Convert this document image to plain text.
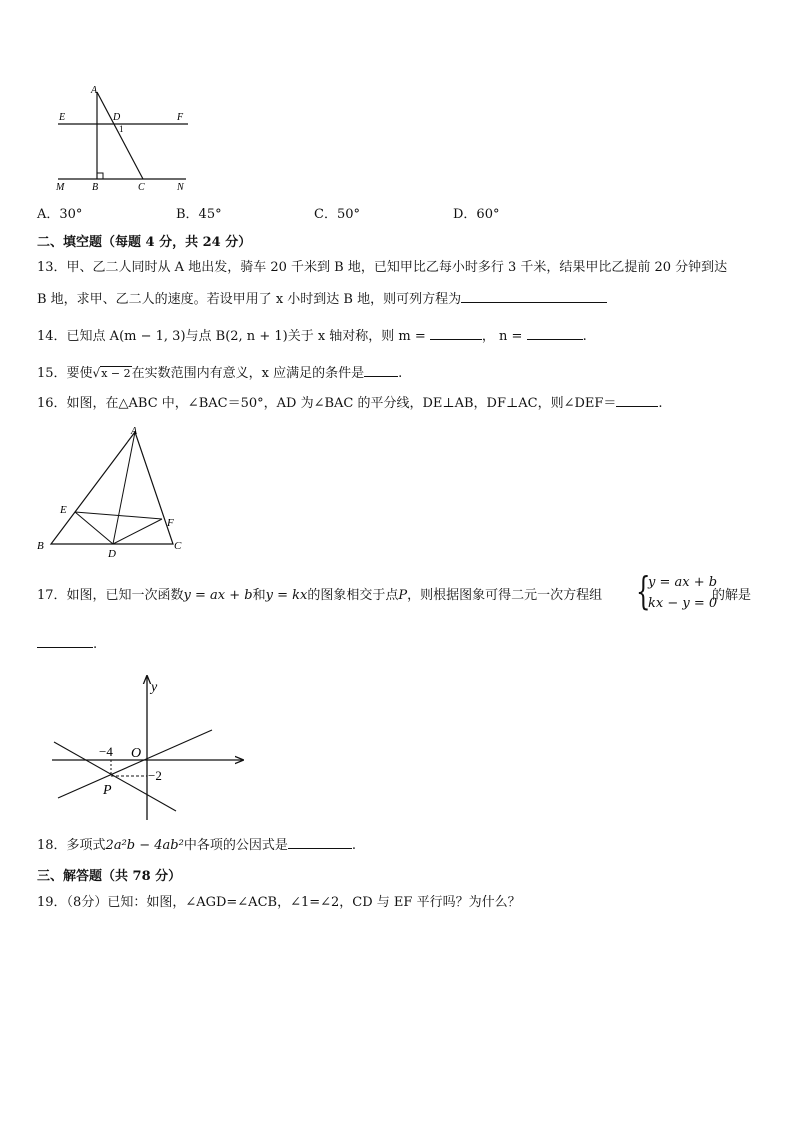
A
D
E	F
1
M	B	C	N
A．30°	B．45°	C．50°	D．60°
二、填空题（每题 4 分，共 24 分）
13．甲、乙二人同时从 A 地出发，骑车 20 千米到 B 地，已知甲比乙每小时多行 3 千米，结果甲比乙提前 20 分钟到达
B 地，求甲、乙二人的速度。若设甲用了 x 小时到达 B 地，则可列方程为
14．已知点 A(m − 1, 3)与点 B(2, n + 1)关于 x 轴对称，则 m =	， n =	.
15．要使√x − 2在实数范围内有意义，x 应满足的条件是	.
16．如图，在△ABC 中，∠BAC＝50°，AD 为∠BAC 的平分线，DE⊥AB，DF⊥AC，则∠DEF＝	.
A
E
F
B
D
C
17．如图，已知一次函数y = ax + b和y = kx的图象相交于点P，则根据图象可得二元一次方程组 {
y = ax + b
kx − y = 0
的解是
.
y
−4 O
−2
P
18．多项式2a²b − 4ab²中各项的公因式是	.
三、解答题（共 78 分）
19．（8分）已知：如图，∠AGD=∠ACB，∠1=∠2，CD 与 EF 平行吗？为什么？
